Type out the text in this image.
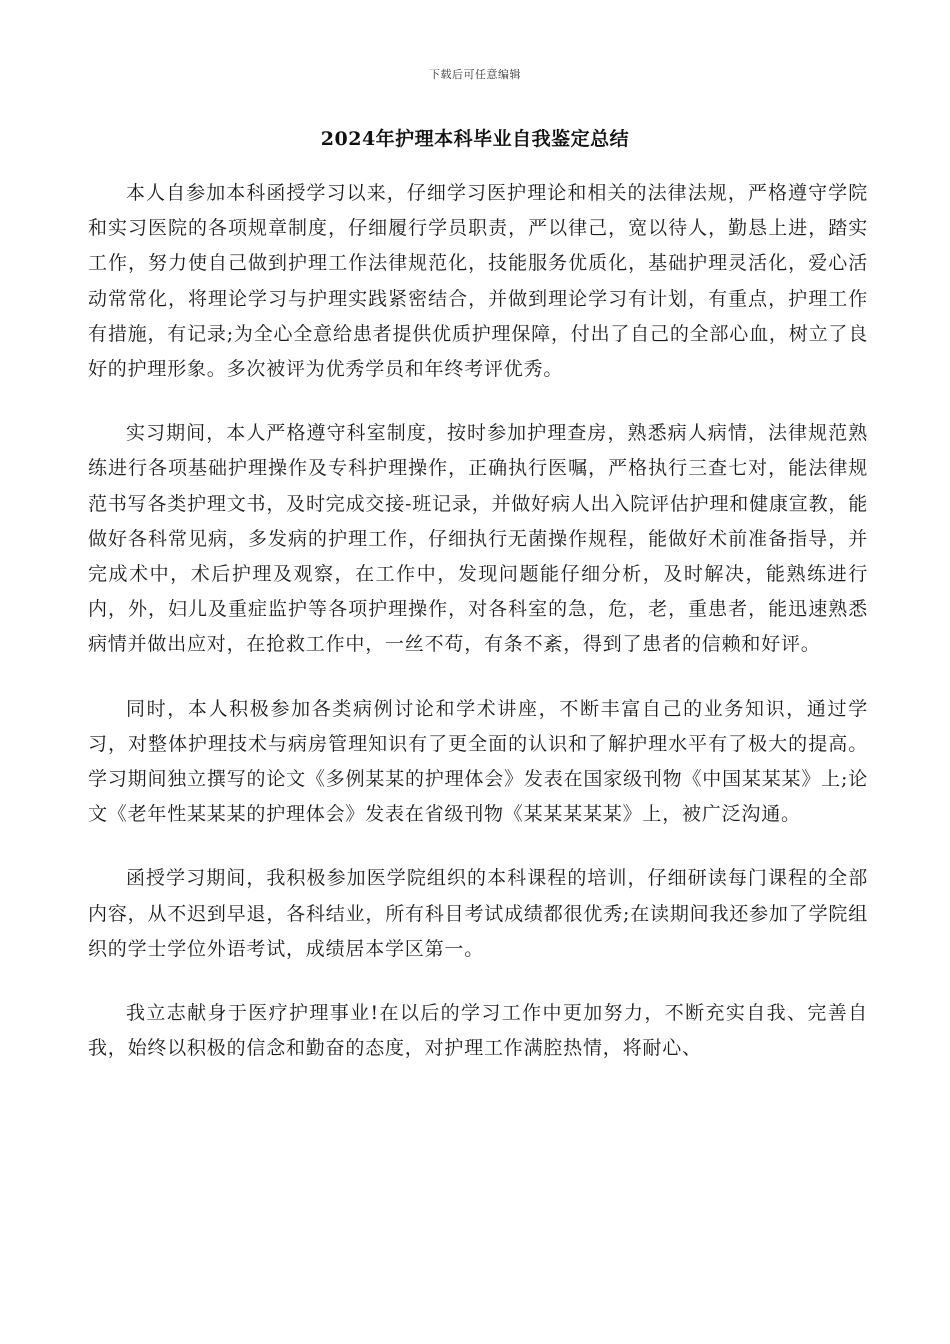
下载后可任意编辑
2024年护理本科毕业自我鉴定总结

本人自参加本科函授学习以来，仔细学习医护理论和相关的法律法规，严格遵守学院和实习医院的各项规章制度，仔细履行学员职责，严以律己，宽以待人，勤恳上进，踏实工作，努力使自己做到护理工作法律规范化，技能服务优质化，基础护理灵活化，爱心活动常常化，将理论学习与护理实践紧密结合，并做到理论学习有计划，有重点，护理工作有措施，有记录;为全心全意给患者提供优质护理保障，付出了自己的全部心血，树立了良好的护理形象。多次被评为优秀学员和年终考评优秀。

实习期间，本人严格遵守科室制度，按时参加护理查房，熟悉病人病情，法律规范熟练进行各项基础护理操作及专科护理操作，正确执行医嘱，严格执行三查七对，能法律规范书写各类护理文书，及时完成交接-班记录，并做好病人出入院评估护理和健康宣教，能做好各科常见病，多发病的护理工作，仔细执行无菌操作规程，能做好术前准备指导，并完成术中，术后护理及观察，在工作中，发现问题能仔细分析，及时解决，能熟练进行内，外，妇儿及重症监护等各项护理操作，对各科室的急，危，老，重患者，能迅速熟悉病情并做出应对，在抢救工作中，一丝不苟，有条不紊，得到了患者的信赖和好评。

同时，本人积极参加各类病例讨论和学术讲座，不断丰富自己的业务知识，通过学习，对整体护理技术与病房管理知识有了更全面的认识和了解护理水平有了极大的提高。学习期间独立撰写的论文《多例某某的护理体会》发表在国家级刊物《中国某某某》上;论文《老年性某某某的护理体会》发表在省级刊物《某某某某某》上，被广泛沟通。

函授学习期间，我积极参加医学院组织的本科课程的培训，仔细研读每门课程的全部内容，从不迟到早退，各科结业，所有科目考试成绩都很优秀;在读期间我还参加了学院组织的学士学位外语考试，成绩居本学区第一。

我立志献身于医疗护理事业!在以后的学习工作中更加努力，不断充实自我、完善自我，始终以积极的信念和勤奋的态度，对护理工作满腔热情，将耐心、
